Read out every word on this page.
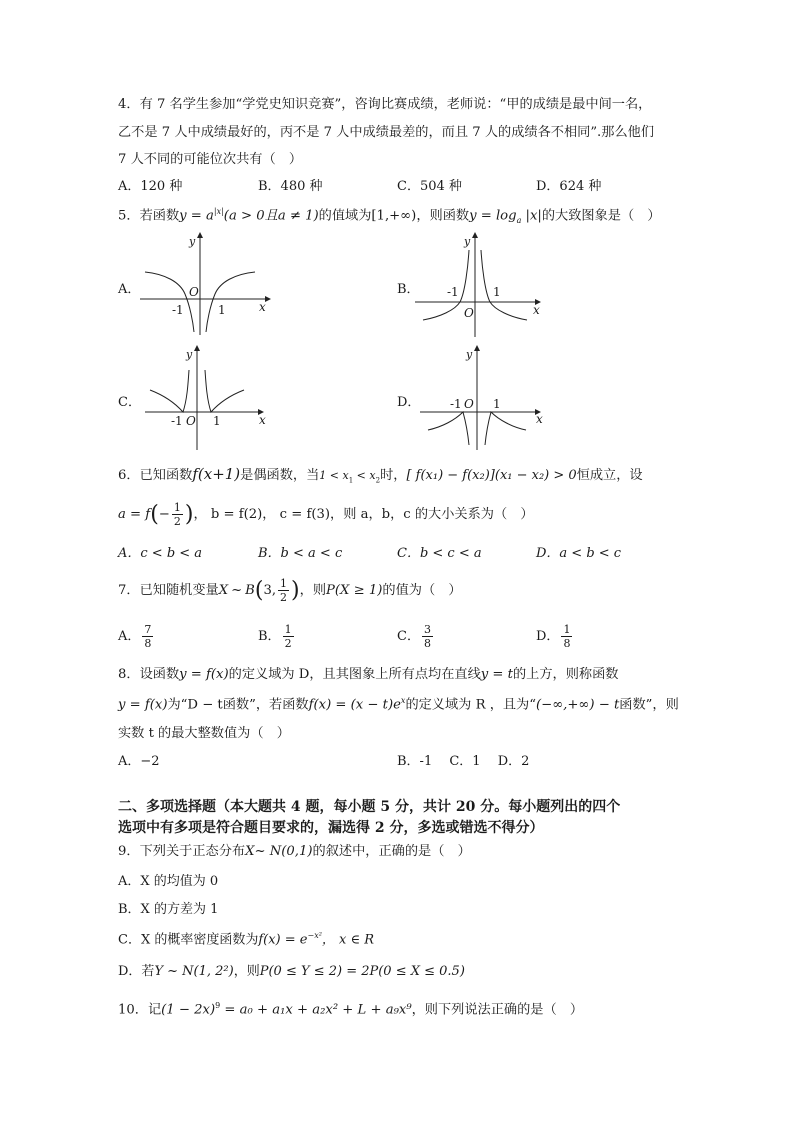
4．有 7 名学生参加“学党史知识竞赛”，咨询比赛成绩，老师说：“甲的成绩是最中间一名，
乙不是 7 人中成绩最好的，丙不是 7 人中成绩最差的，而且 7 人的成绩各不相同”.那么他们
7 人不同的可能位次共有（　）
A．120 种	B．480 种	C．504 种	D．624 种
5．若函数$y = a^{|x|}(a > 0$且a ≠ 1)的值域为[1,+∞)，则函数$y = \log_a |x|$的大致图象是（　）
A．
y
O
-1	1	x
B．
y
O
-1	1
x
C．
y
O
-1	1	x
D．
y
O
-1	1
x
6．已知函数f(x+1)是偶函数，当$1 < x_1 < x_2$时，[ f(x₁) − f(x₂)](x₁ − x₂) > 0恒成立，设
a = f ( − $\frac{1}{2}$ ) ， b = f(2)， c = f(3)，则 a，b，c 的大小关系为（　）
A．c < b < a	B．b < a < c	C．b < c < a	D．a < b < c
7．已知随机变量 X ~ B ( 3, $\frac{1}{2}$ ) ，则 P(X ≥ 1) 的值为（　）
A． $\frac{7}{8}$	B． $\frac{1}{2}$	C． $\frac{3}{8}$	D． $\frac{1}{8}$
8．设函数y = f(x)的定义域为 D，且其图象上所有点均在直线y = t的上方，则称函数
y = f(x)为“D − t函数”，若函数$f(x) = (x - t)e^x$的定义域为 R ，且为“(−∞,+∞) − t函数”，则
实数 t 的最大整数值为（　）
A．−2	B．-1　 C．1　 D．2
二、多项选择题（本大题共 4 题，每小题 5 分，共计 20 分。每小题列出的四个
选项中有多项是符合题目要求的，漏选得 2 分，多选或错选不得分）
9．下列关于正态分布X~ N(0,1)的叙述中，正确的是（　）
A．X 的均值为 0
B．X 的方差为 1
C．X 的概率密度函数为$f(x) = e^{-x^2}$， x ∈ R
D．若Y ~ N(1, 2²)，则P(0 ≤ Y ≤ 2) = 2P(0 ≤ X ≤ 0.5)
10．记$(1 - 2x)^9 = a_0 + a_1x + a_2x^2 + L + a_9x^9$，则下列说法正确的是（　）
